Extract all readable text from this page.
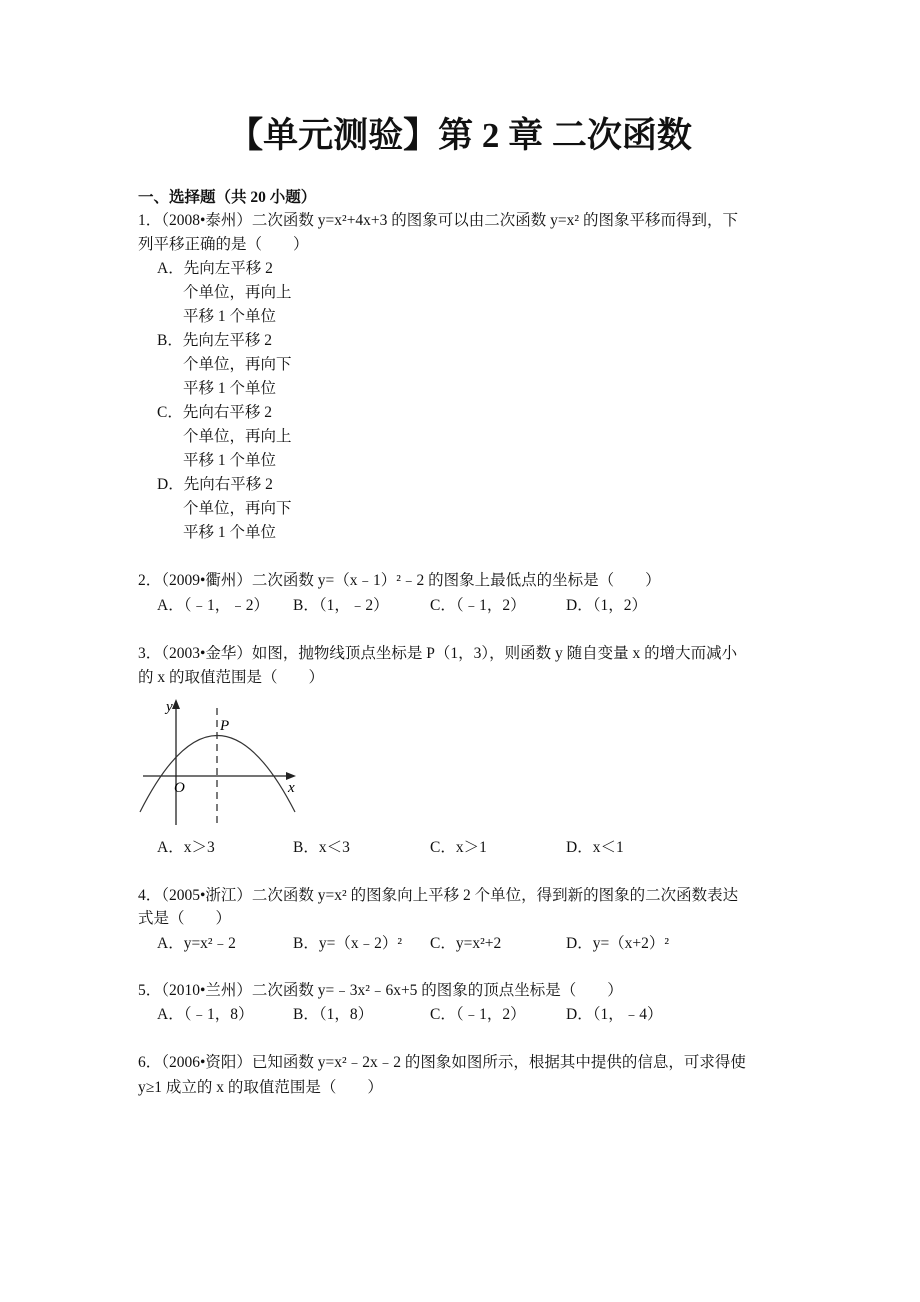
【单元测验】第 2 章 二次函数
一、选择题（共 20 小题）
1．（2008•泰州）二次函数 y=x²+4x+3 的图象可以由二次函数 y=x² 的图象平移而得到，下
列平移正确的是（　　）
A．先向左平移 2
个单位，再向上
平移 1 个单位
B．先向左平移 2
个单位，再向下
平移 1 个单位
C．先向右平移 2
个单位，再向上
平移 1 个单位
D．先向右平移 2
个单位，再向下
平移 1 个单位
2．（2009•衢州）二次函数 y=（x﹣1）²﹣2 的图象上最低点的坐标是（　　）
A．（﹣1，﹣2） B．（1，﹣2）	C．（﹣1，2）	D．（1，2）
3．（2003•金华）如图，抛物线顶点坐标是 P（1，3），则函数 y 随自变量 x 的增大而减小
的 x 的取值范围是（　　）
y
x
O
P
A．x＞3	B．x＜3	C．x＞1	D．x＜1
4．（2005•浙江）二次函数 y=x² 的图象向上平移 2 个单位，得到新的图象的二次函数表达
式是（　　）
A．y=x²﹣2	B．y=（x﹣2）² C．y=x²+2	D．y=（x+2）²
5．（2010•兰州）二次函数 y=﹣3x²﹣6x+5 的图象的顶点坐标是（　　）
A．（﹣1，8）	B．（1，8）	C．（﹣1，2）	D．（1，﹣4）
6．（2006•资阳）已知函数 y=x²﹣2x﹣2 的图象如图所示，根据其中提供的信息，可求得使
y≥1 成立的 x 的取值范围是（　　）
